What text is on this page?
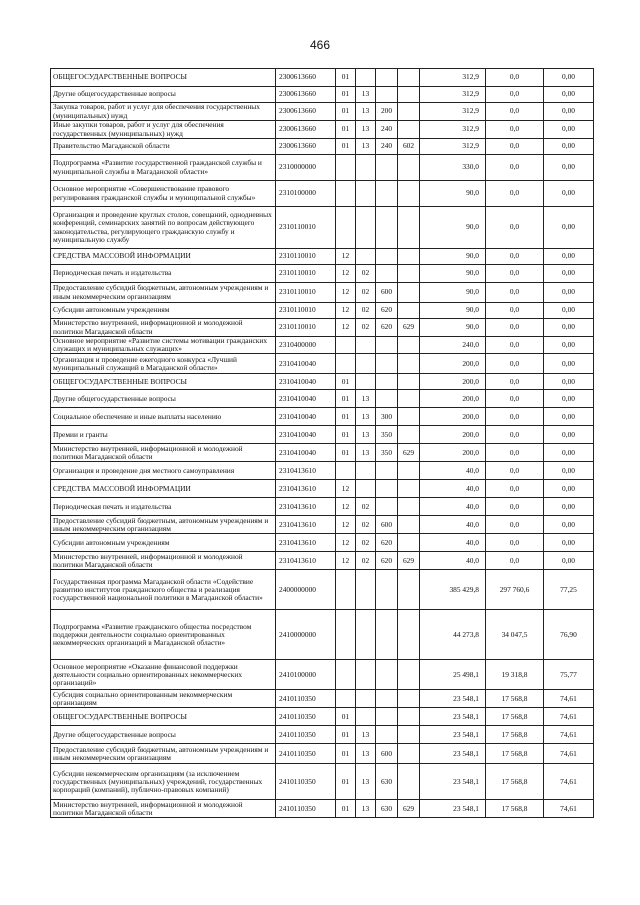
466
ОБЩЕГОСУДАРСТВЕННЫЕ ВОПРОСЫ	2300613660	01				312,9	0,0	0,00
Другие общегосударственные вопросы	2300613660	01	13			312,9	0,0	0,00
Закупка товаров, работ и услуг для обеспечения государственных (муниципальных) нужд	2300613660	01	13	200		312,9	0,0	0,00
Иные закупки товаров, работ и услуг для обеспечения государственных (муниципальных) нужд	2300613660	01	13	240		312,9	0,0	0,00
Правительство Магаданской области	2300613660	01	13	240	602	312,9	0,0	0,00
Подпрограмма «Развитие государственной гражданской службы и муниципальной службы в Магаданской области»	2310000000					330,0	0,0	0,00
Основное мероприятие «Совершенствование правового регулирования гражданской службы и муниципальной службы»	2310100000					90,0	0,0	0,00
Организация и проведение круглых столов, совещаний, однодневных конференций, семинарских занятий по вопросам действующего законодательства, регулирующего гражданскую службу и муниципальную службу	2310110010					90,0	0,0	0,00
СРЕДСТВА МАССОВОЙ ИНФОРМАЦИИ	2310110010	12				90,0	0,0	0,00
Периодическая печать и издательства	2310110010	12	02			90,0	0,0	0,00
Предоставление субсидий бюджетным, автономным учреждениям и иным некоммерческим организациям	2310110010	12	02	600		90,0	0,0	0,00
Субсидии автономным учреждениям	2310110010	12	02	620		90,0	0,0	0,00
Министерство внутренней, информационной и молодежной политики Магаданской области	2310110010	12	02	620	629	90,0	0,0	0,00
Основное мероприятие «Развитие системы мотивации гражданских служащих и муниципальных служащих»	2310400000					240,0	0,0	0,00
Организация и проведение ежегодного конкурса «Лучший муниципальный служащий в Магаданской области»	2310410040					200,0	0,0	0,00
ОБЩЕГОСУДАРСТВЕННЫЕ ВОПРОСЫ	2310410040	01				200,0	0,0	0,00
Другие общегосударственные вопросы	2310410040	01	13			200,0	0,0	0,00
Социальное обеспечение и иные выплаты населению	2310410040	01	13	300		200,0	0,0	0,00
Премии и гранты	2310410040	01	13	350		200,0	0,0	0,00
Министерство внутренней, информационной и молодежной политики Магаданской области	2310410040	01	13	350	629	200,0	0,0	0,00
Организация и проведение дня местного самоуправления	2310413610					40,0	0,0	0,00
СРЕДСТВА МАССОВОЙ ИНФОРМАЦИИ	2310413610	12				40,0	0,0	0,00
Периодическая печать и издательства	2310413610	12	02			40,0	0,0	0,00
Предоставление субсидий бюджетным, автономным учреждениям и иным некоммерческим организациям	2310413610	12	02	600		40,0	0,0	0,00
Субсидии автономным учреждениям	2310413610	12	02	620		40,0	0,0	0,00
Министерство внутренней, информационной и молодежной политики Магаданской области	2310413610	12	02	620	629	40,0	0,0	0,00
Государственная программа Магаданской области «Содействие развитию институтов гражданского общества и реализация государственной национальной политики в Магаданской области»	2400000000					385 429,8	297 760,6	77,25
Подпрограмма «Развитие гражданского общества посредством поддержки деятельности социально ориентированных некоммерческих организаций в Магаданской области»	2410000000					44 273,8	34 047,5	76,90
Основное мероприятие «Оказание финансовой поддержки деятельности социально ориентированных некоммерческих организаций»	2410100000					25 498,1	19 318,8	75,77
Субсидия социально ориентированным некоммерческим организациям	2410110350					23 548,1	17 568,8	74,61
ОБЩЕГОСУДАРСТВЕННЫЕ ВОПРОСЫ	2410110350	01				23 548,1	17 568,8	74,61
Другие общегосударственные вопросы	2410110350	01	13			23 548,1	17 568,8	74,61
Предоставление субсидий бюджетным, автономным учреждениям и иным некоммерческим организациям	2410110350	01	13	600		23 548,1	17 568,8	74,61
Субсидии некоммерческим организациям (за исключением государственных (муниципальных) учреждений, государственных корпораций (компаний), публично-правовых компаний)	2410110350	01	13	630		23 548,1	17 568,8	74,61
Министерство внутренней, информационной и молодежной политики Магаданской области	2410110350	01	13	630	629	23 548,1	17 568,8	74,61
